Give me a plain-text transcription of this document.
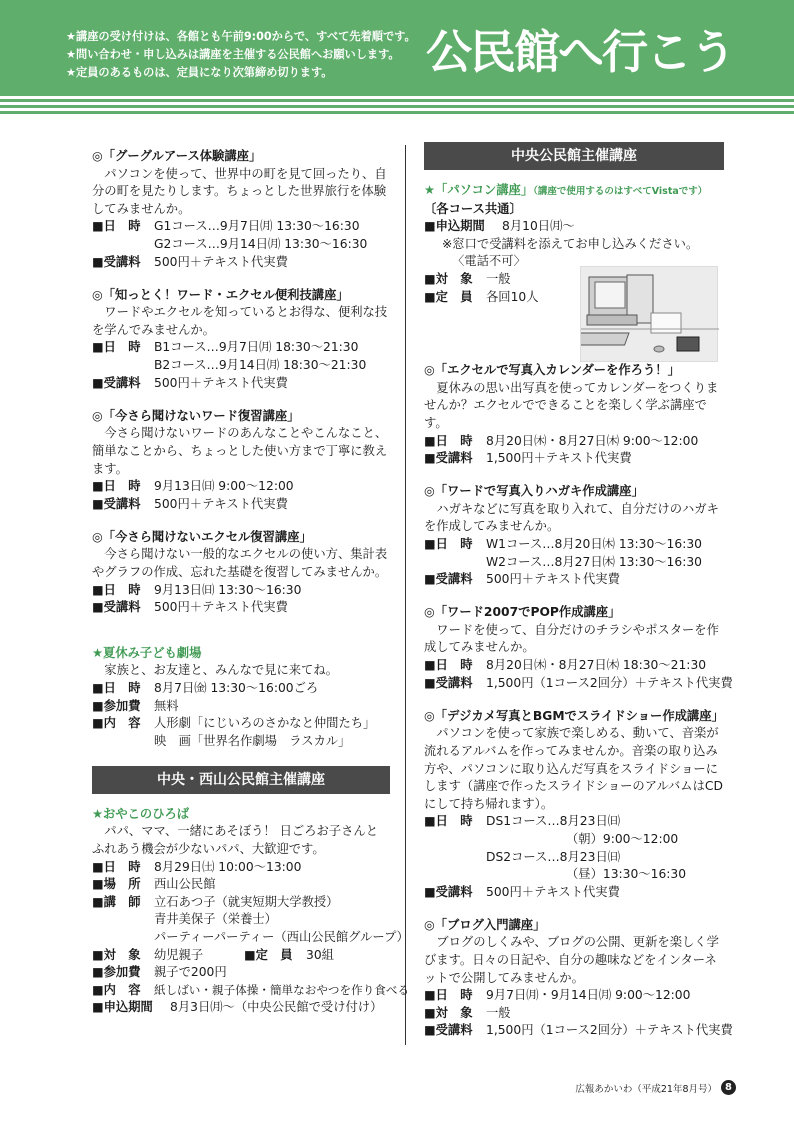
★講座の受け付けは、各館とも午前9:00からで、すべて先着順です。
★問い合わせ・申し込みは講座を主催する公民館へお願いします。
★定員のあるものは、定員になり次第締め切ります。	公民館へ行こう
◎「グーグルアース体験講座」
パソコンを使って、世界中の町を見て回ったり、自分の町を見たりします。ちょっとした世界旅行を体験してみませんか。
■日　時	G1コース…9月7日㈪ 13:30～16:30
G2コース…9月14日㈪ 13:30～16:30
■受講料	500円＋テキスト代実費
◎「知っとく！ワード・エクセル便利技講座」
ワードやエクセルを知っているとお得な、便利な技を学んでみませんか。
■日　時	B1コース…9月7日㈪ 18:30～21:30
B2コース…9月14日㈪ 18:30～21:30
■受講料	500円＋テキスト代実費
◎「今さら聞けないワード復習講座」
今さら聞けないワードのあんなことやこんなこと、簡単なことから、ちょっとした使い方まで丁寧に教えます。
■日　時	9月13日㈰ 9:00～12:00
■受講料	500円＋テキスト代実費
◎「今さら聞けないエクセル復習講座」
今さら聞けない一般的なエクセルの使い方、集計表やグラフの作成、忘れた基礎を復習してみませんか。
■日　時	9月13日㈰ 13:30～16:30
■受講料	500円＋テキスト代実費
★夏休み子ども劇場
家族と、お友達と、みんなで見に来てね。
■日　時	8月7日㈮ 13:30～16:00ごろ
■参加費	無料
■内　容	人形劇「にじいろのさかなと仲間たち」
映　画「世界名作劇場　ラスカル」
中央・西山公民館主催講座
★おやこのひろば
パパ、ママ、一緒にあそぼう！ 日ごろお子さんとふれあう機会が少ないパパ、大歓迎です。
■日　時	8月29日㈯ 10:00～13:00
■場　所	西山公民館
■講　師	立石あつ子（就実短期大学教授）
青井美保子（栄養士）
パーティーパーティー（西山公民館グループ）
■対　象	幼児親子	■定　員	30組
■参加費	親子で200円
■内　容	紙しばい・親子体操・簡単なおやつを作り食べる
■申込期間	8月3日㈪～（中央公民館で受け付け）
中央公民館主催講座
★「パソコン講座」（講座で使用するのはすべてVistaです）
〔各コース共通〕
■申込期間	8月10日㈪～
※窓口で受講料を添えてお申し込みください。
〈電話不可〉
■対　象	一般
■定　員	各回10人
◎「エクセルで写真入カレンダーを作ろう！」
夏休みの思い出写真を使ってカレンダーをつくりませんか？エクセルでできることを楽しく学ぶ講座です。
■日　時	8月20日㈭・8月27日㈭ 9:00～12:00
■受講料	1,500円＋テキスト代実費
◎「ワードで写真入りハガキ作成講座」
ハガキなどに写真を取り入れて、自分だけのハガキを作成してみませんか。
■日　時	W1コース…8月20日㈭ 13:30～16:30
W2コース…8月27日㈭ 13:30～16:30
■受講料	500円＋テキスト代実費
◎「ワード2007でPOP作成講座」
ワードを使って、自分だけのチラシやポスターを作成してみませんか。
■日　時	8月20日㈭・8月27日㈭ 18:30～21:30
■受講料	1,500円（1コース2回分）＋テキスト代実費
◎「デジカメ写真とBGMでスライドショー作成講座」
パソコンを使って家族で楽しめる、動いて、音楽が流れるアルバムを作ってみませんか。音楽の取り込み方や、パソコンに取り込んだ写真をスライドショーにします（講座で作ったスライドショーのアルバムはCDにして持ち帰れます）。
■日　時	DS1コース…8月23日㈰
（朝）9:00～12:00
DS2コース…8月23日㈰
（昼）13:30～16:30
■受講料	500円＋テキスト代実費
◎「ブログ入門講座」
ブログのしくみや、ブログの公開、更新を楽しく学びます。日々の日記や、自分の趣味などをインターネットで公開してみませんか。
■日　時	9月7日㈪・9月14日㈪ 9:00～12:00
■対　象	一般
■受講料	1,500円（1コース2回分）＋テキスト代実費
広報あかいわ（平成21年8月号） 8
